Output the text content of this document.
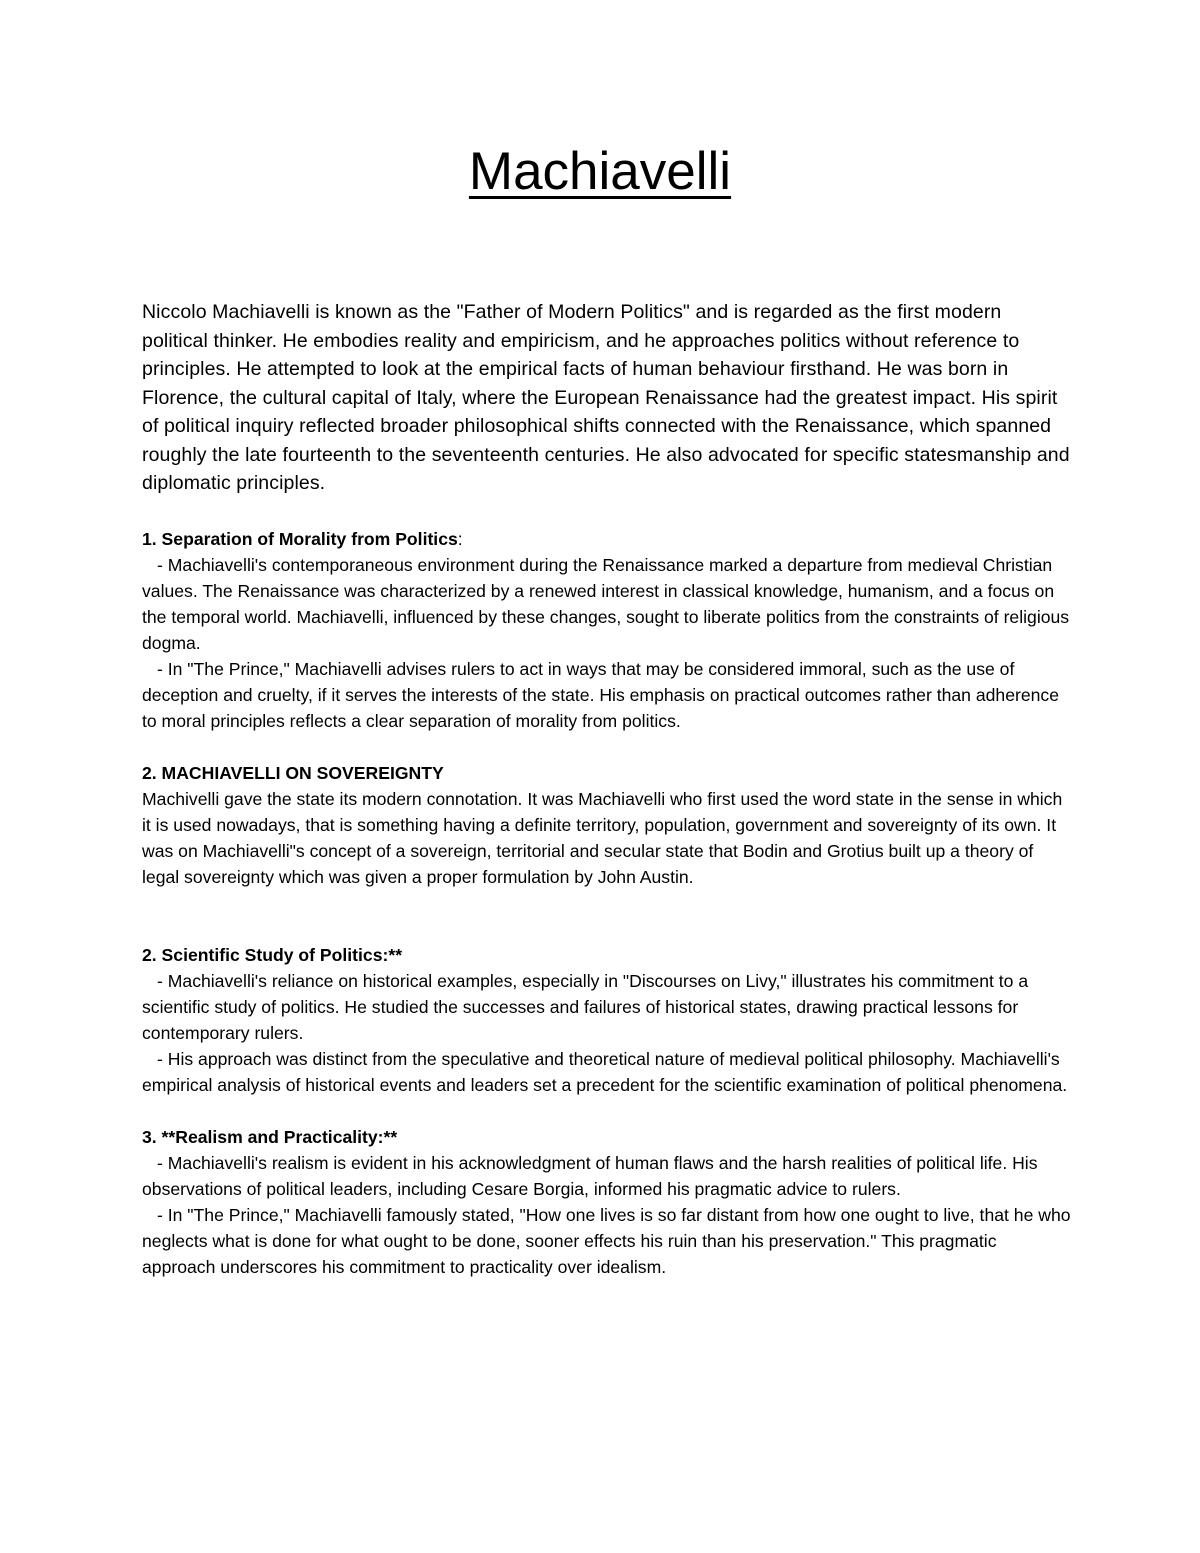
Machiavelli

Niccolo Machiavelli is known as the "Father of Modern Politics" and is regarded as the first modern political thinker. He embodies reality and empiricism, and he approaches politics without reference to principles. He attempted to look at the empirical facts of human behaviour firsthand. He was born in Florence, the cultural capital of Italy, where the European Renaissance had the greatest impact. His spirit of political inquiry reflected broader philosophical shifts connected with the Renaissance, which spanned roughly the late fourteenth to the seventeenth centuries. He also advocated for specific statesmanship and diplomatic principles.

1. Separation of Morality from Politics:

- Machiavelli's contemporaneous environment during the Renaissance marked a departure from medieval Christian values. The Renaissance was characterized by a renewed interest in classical knowledge, humanism, and a focus on the temporal world. Machiavelli, influenced by these changes, sought to liberate politics from the constraints of religious dogma.

- In "The Prince," Machiavelli advises rulers to act in ways that may be considered immoral, such as the use of deception and cruelty, if it serves the interests of the state. His emphasis on practical outcomes rather than adherence to moral principles reflects a clear separation of morality from politics.

2. MACHIAVELLI ON SOVEREIGNTY

Machivelli gave the state its modern connotation. It was Machiavelli who first used the word state in the sense in which it is used nowadays, that is something having a definite territory, population, government and sovereignty of its own. It was on Machiavelli"s concept of a sovereign, territorial and secular state that Bodin and Grotius built up a theory of legal sovereignty which was given a proper formulation by John Austin.

2. Scientific Study of Politics:**

- Machiavelli's reliance on historical examples, especially in "Discourses on Livy," illustrates his commitment to a scientific study of politics. He studied the successes and failures of historical states, drawing practical lessons for contemporary rulers.

- His approach was distinct from the speculative and theoretical nature of medieval political philosophy. Machiavelli's empirical analysis of historical events and leaders set a precedent for the scientific examination of political phenomena.

3. **Realism and Practicality:**

- Machiavelli's realism is evident in his acknowledgment of human flaws and the harsh realities of political life. His observations of political leaders, including Cesare Borgia, informed his pragmatic advice to rulers.

- In "The Prince," Machiavelli famously stated, "How one lives is so far distant from how one ought to live, that he who neglects what is done for what ought to be done, sooner effects his ruin than his preservation." This pragmatic approach underscores his commitment to practicality over idealism.
